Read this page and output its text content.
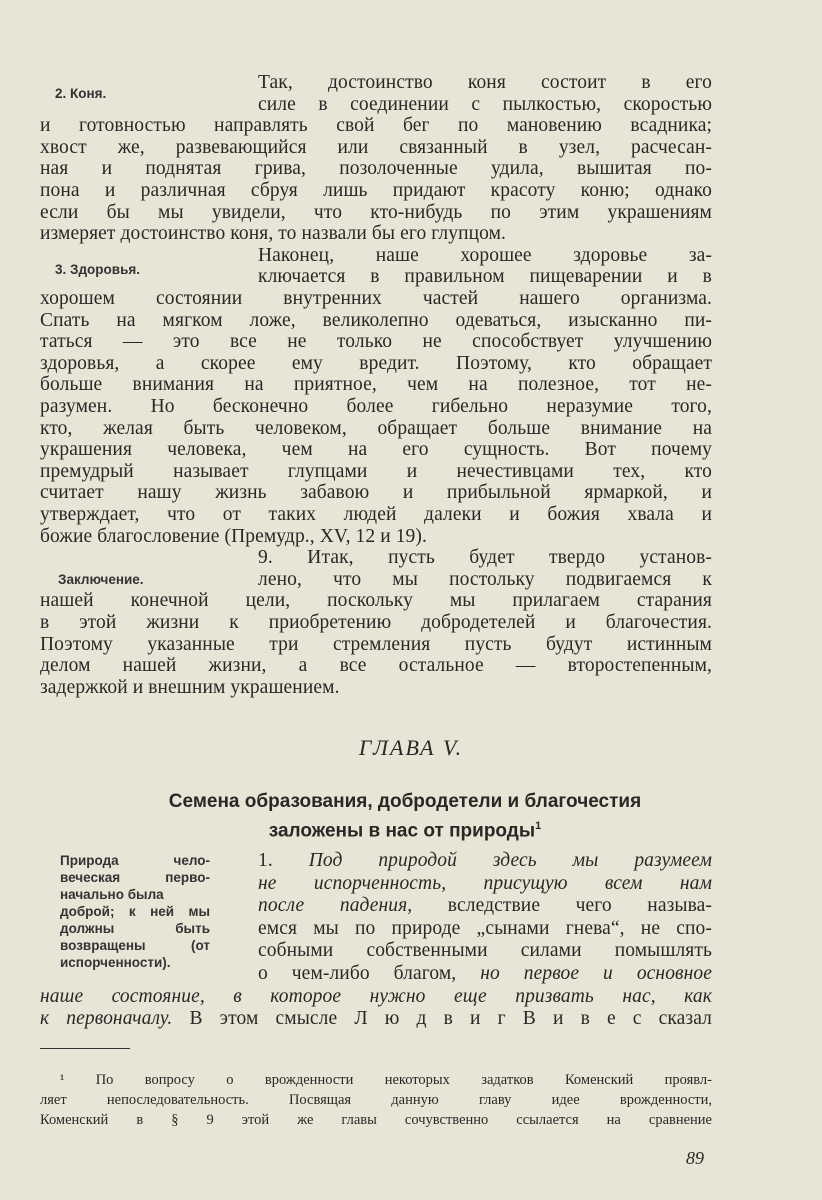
2. Коня.
3. Здоровья.
Заключение.
Так, достоинство коня состоит в его
силе в соединении с пылкостью, скоростью
и готовностью направлять свой бег по мановению всадника;
хвост же, развевающийся или связанный в узел, расчесан-
ная и поднятая грива, позолоченные удила, вышитая по-
пона и различная сбруя лишь придают красоту коню; однако
если бы мы увидели, что кто-нибудь по этим украшениям
измеряет достоинство коня, то назвали бы его глупцом.
Наконец, наше хорошее здоровье за-
ключается в правильном пищеварении и в
хорошем состоянии внутренних частей нашего организма.
Спать на мягком ложе, великолепно одеваться, изысканно пи-
таться — это все не только не способствует улучшению
здоровья, а скорее ему вредит. Поэтому, кто обращает
больше внимания на приятное, чем на полезное, тот не-
разумен. Но бесконечно более гибельно неразумие того,
кто, желая быть человеком, обращает больше внимание на
украшения человека, чем на его сущность. Вот почему
премудрый называет глупцами и нечестивцами тех, кто
считает нашу жизнь забавою и прибыльной ярмаркой, и
утверждает, что от таких людей далеки и божия хвала и
божие благословение (Премудр., XV, 12 и 19).
9. Итак, пусть будет твердо установ-
лено, что мы постольку подвигаемся к
нашей конечной цели, поскольку мы прилагаем старания
в этой жизни к приобретению добродетелей и благочестия.
Поэтому указанные три стремления пусть будут истинным
делом нашей жизни, а все остальное — второстепенным,
задержкой и внешним украшением.
ГЛАВА V.
Семена образования, добродетели и благочестия
заложены в нас от природы$^1$
Природа чело-
веческая перво-
начально была
доброй; к ней мы
должны быть
возвращены (от
испорченности).
1. Под природой здесь мы разумеем
не испорченность, присущую всем нам
после падения, вследствие чего называ-
емся мы по природе „сынами гнева“, не спо-
собными собственными силами помышлять
о чем-либо благом, но первое и основное
наше состояние, в которое нужно еще призвать нас, как
к первоначалу. В этом смысле Л ю д в и г В и в е с сказал
¹ По вопросу о врожденности некоторых задатков Коменский проявл-
ляет непоследовательность. Посвящая данную главу идее врожденности,
Коменский в § 9 этой же главы сочувственно ссылается на сравнение
89
